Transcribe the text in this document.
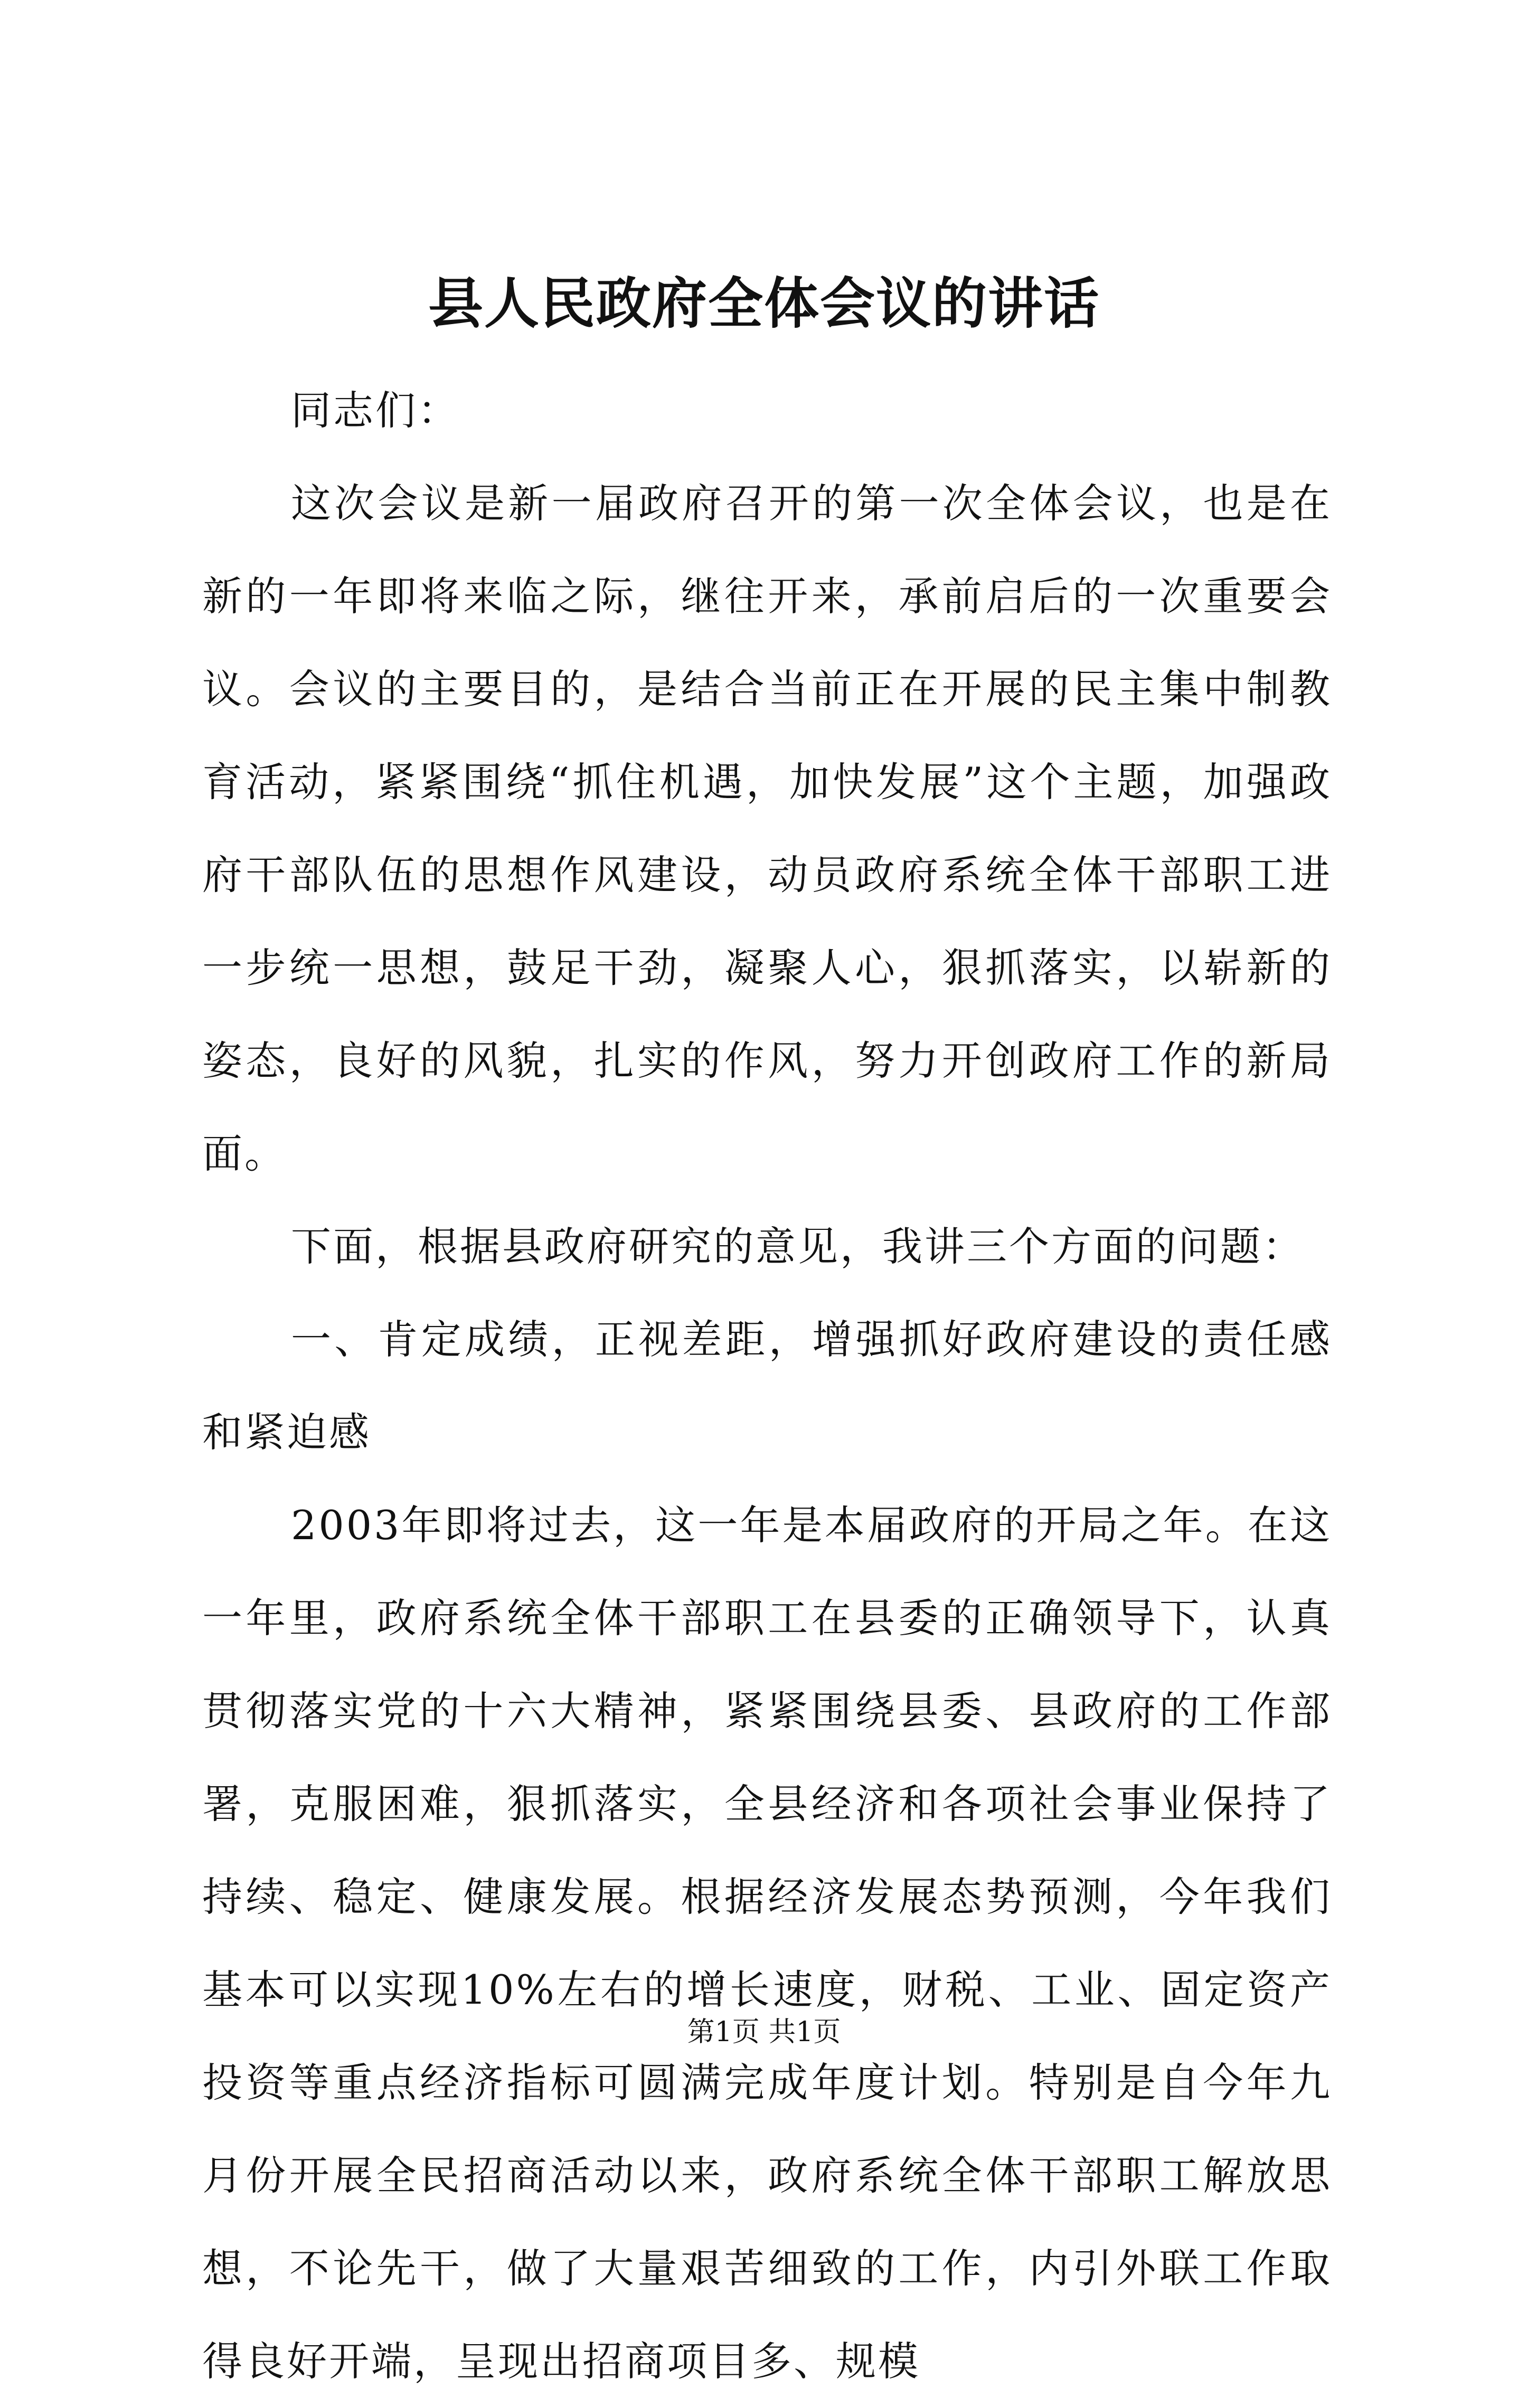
县人民政府全体会议的讲话

同志们：

这次会议是新一届政府召开的第一次全体会议，也是在新的一年即将来临之际，继往开来，承前启后的一次重要会议。会议的主要目的，是结合当前正在开展的民主集中制教育活动，紧紧围绕“抓住机遇，加快发展”这个主题，加强政府干部队伍的思想作风建设，动员政府系统全体干部职工进一步统一思想，鼓足干劲，凝聚人心，狠抓落实，以崭新的姿态，良好的风貌，扎实的作风，努力开创政府工作的新局面。

下面，根据县政府研究的意见，我讲三个方面的问题：

一、肯定成绩，正视差距，增强抓好政府建设的责任感和紧迫感

2003年即将过去，这一年是本届政府的开局之年。在这一年里，政府系统全体干部职工在县委的正确领导下，认真贯彻落实党的十六大精神，紧紧围绕县委、县政府的工作部署，克服困难，狠抓落实，全县经济和各项社会事业保持了持续、稳定、健康发展。根据经济发展态势预测，今年我们基本可以实现10%左右的增长速度，财税、工业、固定资产投资等重点经济指标可圆满完成年度计划。特别是自今年九月份开展全民招商活动以来，政府系统全体干部职工解放思想，不论先干，做了大量艰苦细致的工作，内引外联工作取得良好开端，呈现出招商项目多、规模

第1页 共1页
